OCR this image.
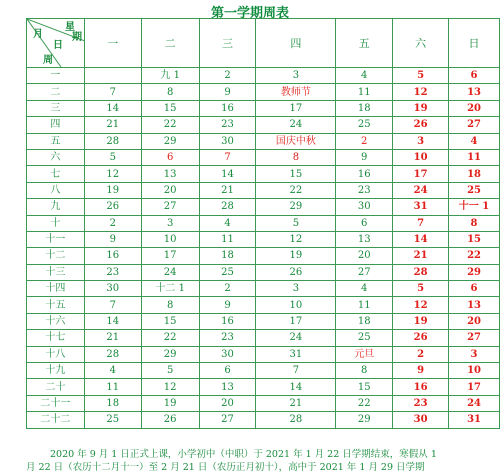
第一学期周表
月
星
期
日
周	一	二	三	四	五	六	日
一		九 1	2	3	4	5	6
二	7	8	9	教师节	11	12	13
三	14	15	16	17	18	19	20
四	21	22	23	24	25	26	27
五	28	29	30	国庆中秋	2	3	4
六	5	6	7	8	9	10	11
七	12	13	14	15	16	17	18
八	19	20	21	22	23	24	25
九	26	27	28	29	30	31	十一 1
十	2	3	4	5	6	7	8
十一	9	10	11	12	13	14	15
十二	16	17	18	19	20	21	22
十三	23	24	25	26	27	28	29
十四	30	十二 1	2	3	4	5	6
十五	7	8	9	10	11	12	13
十六	14	15	16	17	18	19	20
十七	21	22	23	24	25	26	27
十八	28	29	30	31	元旦	2	3
十九	4	5	6	7	8	9	10
二十	11	12	13	14	15	16	17
二十一	18	19	20	21	22	23	24
二十二	25	26	27	28	29	30	31
2020 年 9 月 1 日正式上课，小学初中（中职）于 2021 年 1 月 22 日学期结束，寒假从 1
月 22 日（农历十二月十一）至 2 月 21 日（农历正月初十），高中于 2021 年 1 月 29 日学期
